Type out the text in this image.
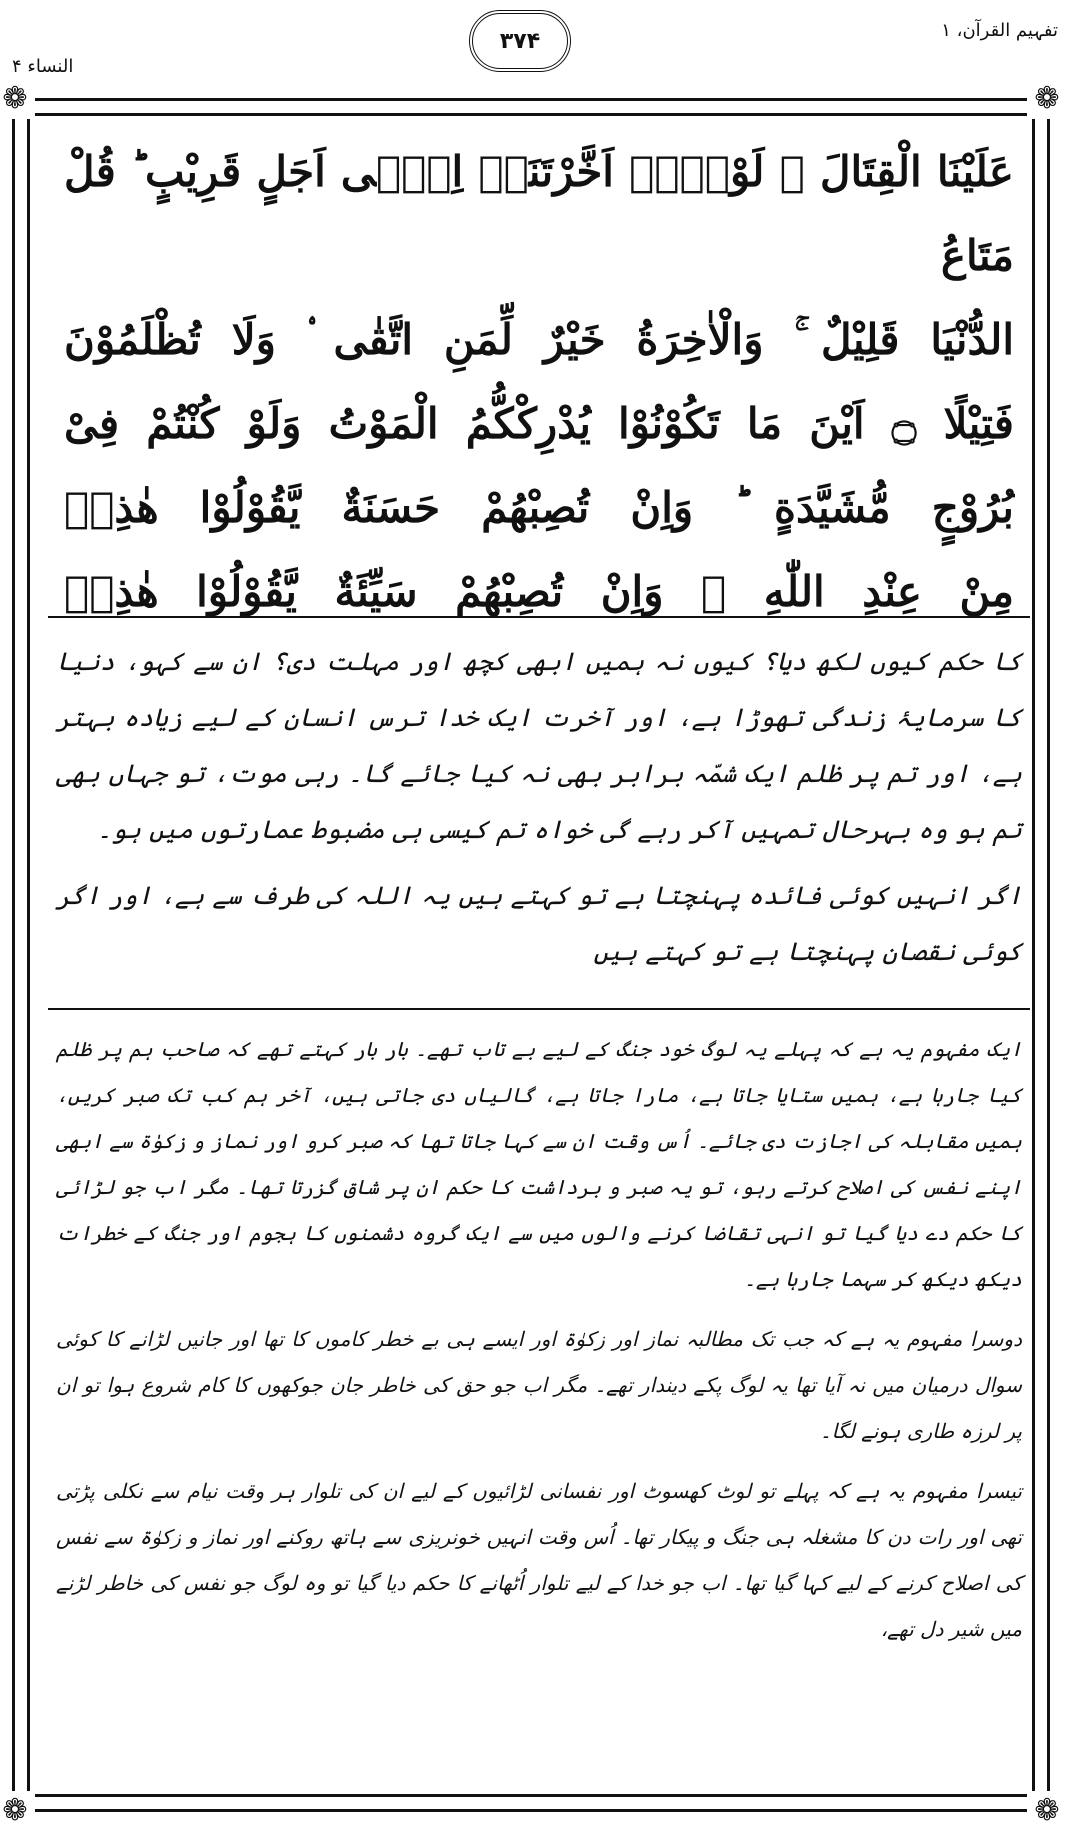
النساء ۴
۳۷۴	تفہیم القرآن، ۱
❁	❁
❁	❁

عَلَيْنَا الْقِتَالَ ۚ لَوْلَاۤ اَخَّرْتَنَاۤ اِلٰۤى اَجَلٍ قَرِيْبٍ ؕ قُلْ مَتَاعُ

الدُّنْيَا قَلِيْلٌ ۚ وَالْاٰخِرَةُ خَيْرٌ لِّمَنِ اتَّقٰى ۟ وَلَا تُظْلَمُوْنَ

فَتِيْلًا ۝ اَيْنَ مَا تَكُوْنُوْا يُدْرِكْكُّمُ الْمَوْتُ وَلَوْ كُنْتُمْ فِىْ

بُرُوْجٍ مُّشَيَّدَةٍ ؕ وَاِنْ تُصِبْهُمْ حَسَنَةٌ يَّقُوْلُوْا هٰذِهٖ

مِنْ عِنْدِ اللّٰهِ ۚ وَاِنْ تُصِبْهُمْ سَيِّئَةٌ يَّقُوْلُوْا هٰذِهٖ

کا حکم کیوں لکھ دیا؟ کیوں نہ ہمیں ابھی کچھ اور مہلت دی؟ ان سے کہو، دنیا کا سرمایۂ زندگی تھوڑا ہے، اور آخرت ایک خدا ترس انسان کے لیے زیادہ بہتر ہے، اور تم پر ظلم ایک شمّہ برابر بھی نہ کیا جائے گا۔ رہی موت، تو جہاں بھی تم ہو وہ بہرحال تمہیں آکر رہے گی خواہ تم کیسی ہی مضبوط عمارتوں میں ہو۔

اگر انہیں کوئی فائدہ پہنچتا ہے تو کہتے ہیں یہ اللہ کی طرف سے ہے، اور اگر کوئی نقصان پہنچتا ہے تو کہتے ہیں

ایک مفہوم یہ ہے کہ پہلے یہ لوگ خود جنگ کے لیے بے تاب تھے۔ بار بار کہتے تھے کہ صاحب ہم پر ظلم کیا جارہا ہے، ہمیں ستایا جاتا ہے، مارا جاتا ہے، گالیاں دی جاتی ہیں، آخر ہم کب تک صبر کریں، ہمیں مقابلہ کی اجازت دی جائے۔ اُس وقت ان سے کہا جاتا تھا کہ صبر کرو اور نماز و زکوٰۃ سے ابھی اپنے نفس کی اصلاح کرتے رہو، تو یہ صبر و برداشت کا حکم ان پر شاق گزرتا تھا۔ مگر اب جو لڑائی کا حکم دے دیا گیا تو انہی تقاضا کرنے والوں میں سے ایک گروہ دشمنوں کا ہجوم اور جنگ کے خطرات دیکھ دیکھ کر سہما جارہا ہے۔

دوسرا مفہوم یہ ہے کہ جب تک مطالبہ نماز اور زکوٰۃ اور ایسے ہی بے خطر کاموں کا تھا اور جانیں لڑانے کا کوئی سوال درمیان میں نہ آیا تھا یہ لوگ پکے دیندار تھے۔ مگر اب جو حق کی خاطر جان جوکھوں کا کام شروع ہوا تو ان پر لرزہ طاری ہونے لگا۔

تیسرا مفہوم یہ ہے کہ پہلے تو لوٹ کھسوٹ اور نفسانی لڑائیوں کے لیے ان کی تلوار ہر وقت نیام سے نکلی پڑتی تھی اور رات دن کا مشغلہ ہی جنگ و پیکار تھا۔ اُس وقت انہیں خونریزی سے ہاتھ روکنے اور نماز و زکوٰۃ سے نفس کی اصلاح کرنے کے لیے کہا گیا تھا۔ اب جو خدا کے لیے تلوار اُٹھانے کا حکم دیا گیا تو وہ لوگ جو نفس کی خاطر لڑنے میں شیر دل تھے،
